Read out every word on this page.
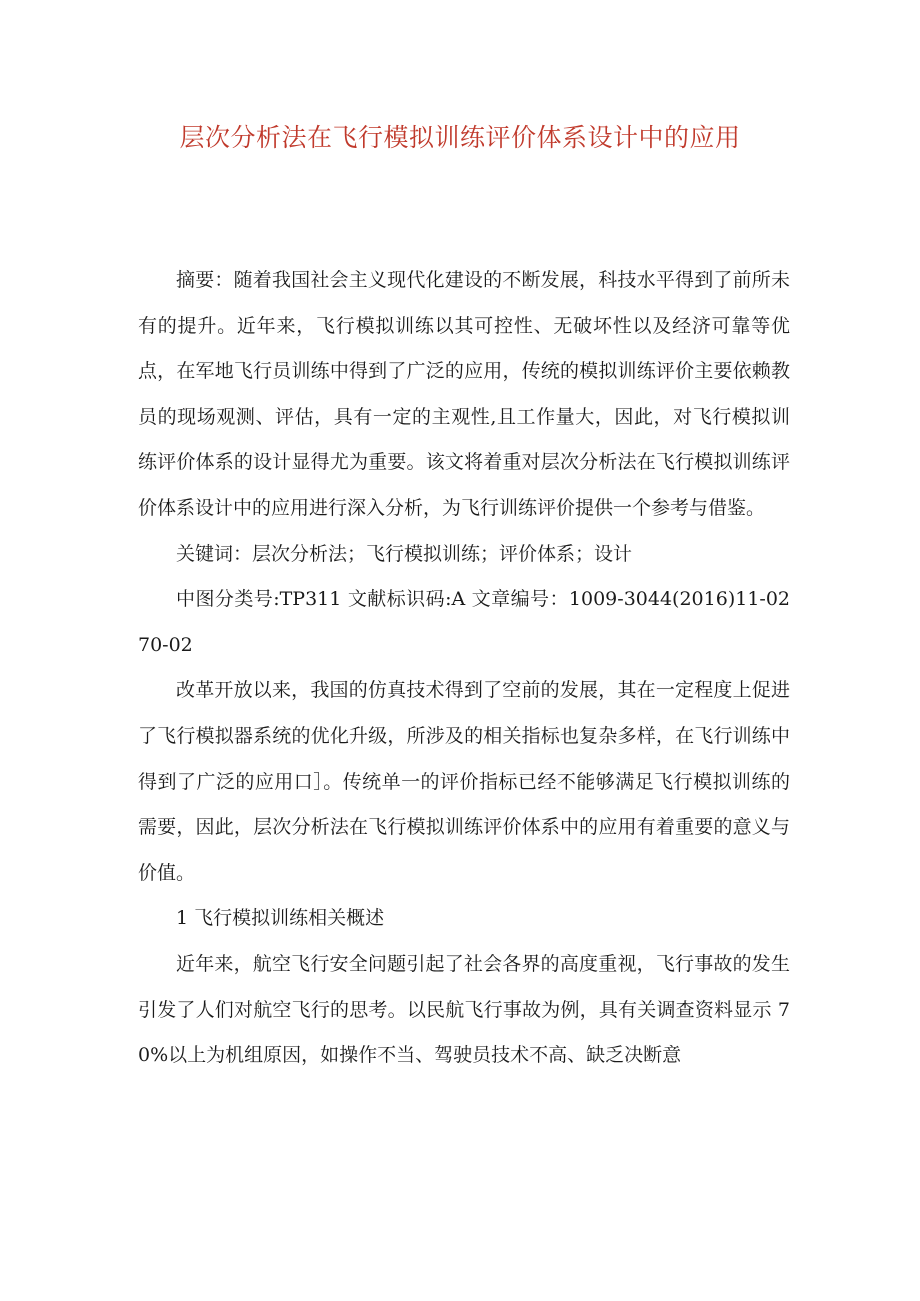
层次分析法在飞行模拟训练评价体系设计中的应用

摘要：随着我国社会主义现代化建设的不断发展，科技水平得到了前所未有的提升。近年来，飞行模拟训练以其可控性、无破坏性以及经济可靠等优点，在军地飞行员训练中得到了广泛的应用，传统的模拟训练评价主要依赖教员的现场观测、评估，具有一定的主观性,且工作量大，因此，对飞行模拟训练评价体系的设计显得尤为重要。该文将着重对层次分析法在飞行模拟训练评价体系设计中的应用进行深入分析，为飞行训练评价提供一个参考与借鉴。

关键词：层次分析法；飞行模拟训练；评价体系；设计

中图分类号:TP311 文献标识码:A 文章编号：1009-3044(2016)11-0270-02

改革开放以来，我国的仿真技术得到了空前的发展，其在一定程度上促进了飞行模拟器系统的优化升级，所涉及的相关指标也复杂多样，在飞行训练中得到了广泛的应用口］。传统单一的评价指标已经不能够满足飞行模拟训练的需要，因此，层次分析法在飞行模拟训练评价体系中的应用有着重要的意义与价值。

1 飞行模拟训练相关概述

近年来，航空飞行安全问题引起了社会各界的高度重视，飞行事故的发生引发了人们对航空飞行的思考。以民航飞行事故为例，具有关调查资料显示 70%以上为机组原因，如操作不当、驾驶员技术不高、缺乏决断意
